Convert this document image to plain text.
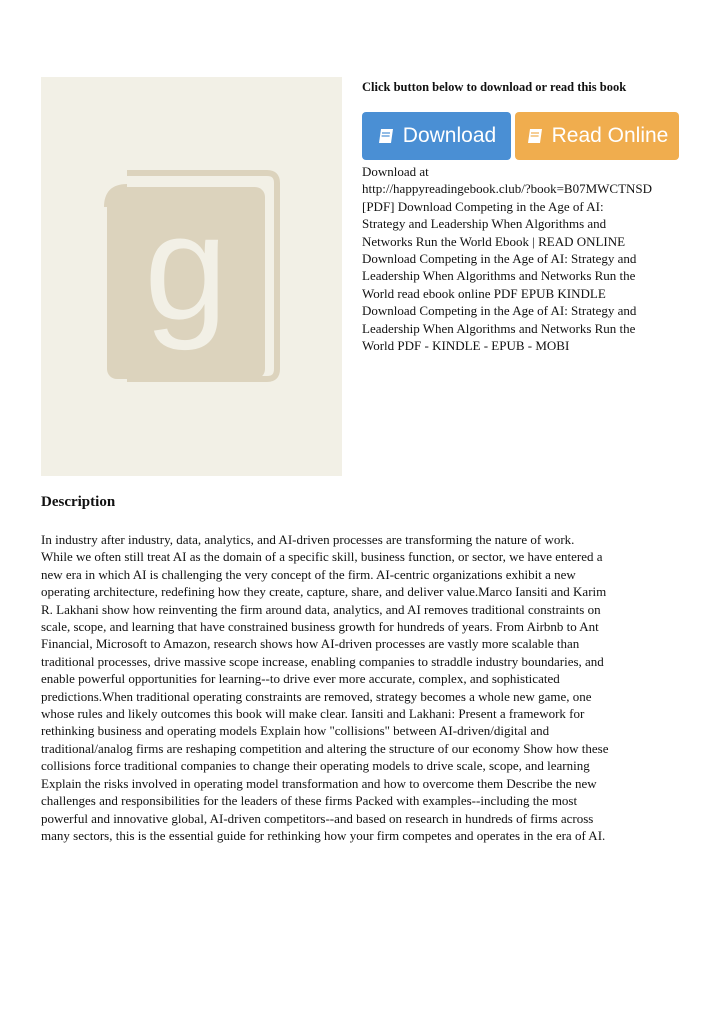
g
Click button below to download or read this book
Download	Read Online
Download at
http://happyreadingebook.club/?book=B07MWCTNSD
[PDF] Download Competing in the Age of AI:
Strategy and Leadership When Algorithms and
Networks Run the World Ebook | READ ONLINE
Download Competing in the Age of AI: Strategy and
Leadership When Algorithms and Networks Run the
World read ebook online PDF EPUB KINDLE
Download Competing in the Age of AI: Strategy and
Leadership When Algorithms and Networks Run the
World PDF - KINDLE - EPUB - MOBI
Description
In industry after industry, data, analytics, and AI-driven processes are transforming the nature of work.
While we often still treat AI as the domain of a specific skill, business function, or sector, we have entered a
new era in which AI is challenging the very concept of the firm. AI-centric organizations exhibit a new
operating architecture, redefining how they create, capture, share, and deliver value.Marco Iansiti and Karim
R. Lakhani show how reinventing the firm around data, analytics, and AI removes traditional constraints on
scale, scope, and learning that have constrained business growth for hundreds of years. From Airbnb to Ant
Financial, Microsoft to Amazon, research shows how AI-driven processes are vastly more scalable than
traditional processes, drive massive scope increase, enabling companies to straddle industry boundaries, and
enable powerful opportunities for learning--to drive ever more accurate, complex, and sophisticated
predictions.When traditional operating constraints are removed, strategy becomes a whole new game, one
whose rules and likely outcomes this book will make clear. Iansiti and Lakhani: Present a framework for
rethinking business and operating models Explain how "collisions" between AI-driven/digital and
traditional/analog firms are reshaping competition and altering the structure of our economy Show how these
collisions force traditional companies to change their operating models to drive scale, scope, and learning
Explain the risks involved in operating model transformation and how to overcome them Describe the new
challenges and responsibilities for the leaders of these firms Packed with examples--including the most
powerful and innovative global, AI-driven competitors--and based on research in hundreds of firms across
many sectors, this is the essential guide for rethinking how your firm competes and operates in the era of AI.
